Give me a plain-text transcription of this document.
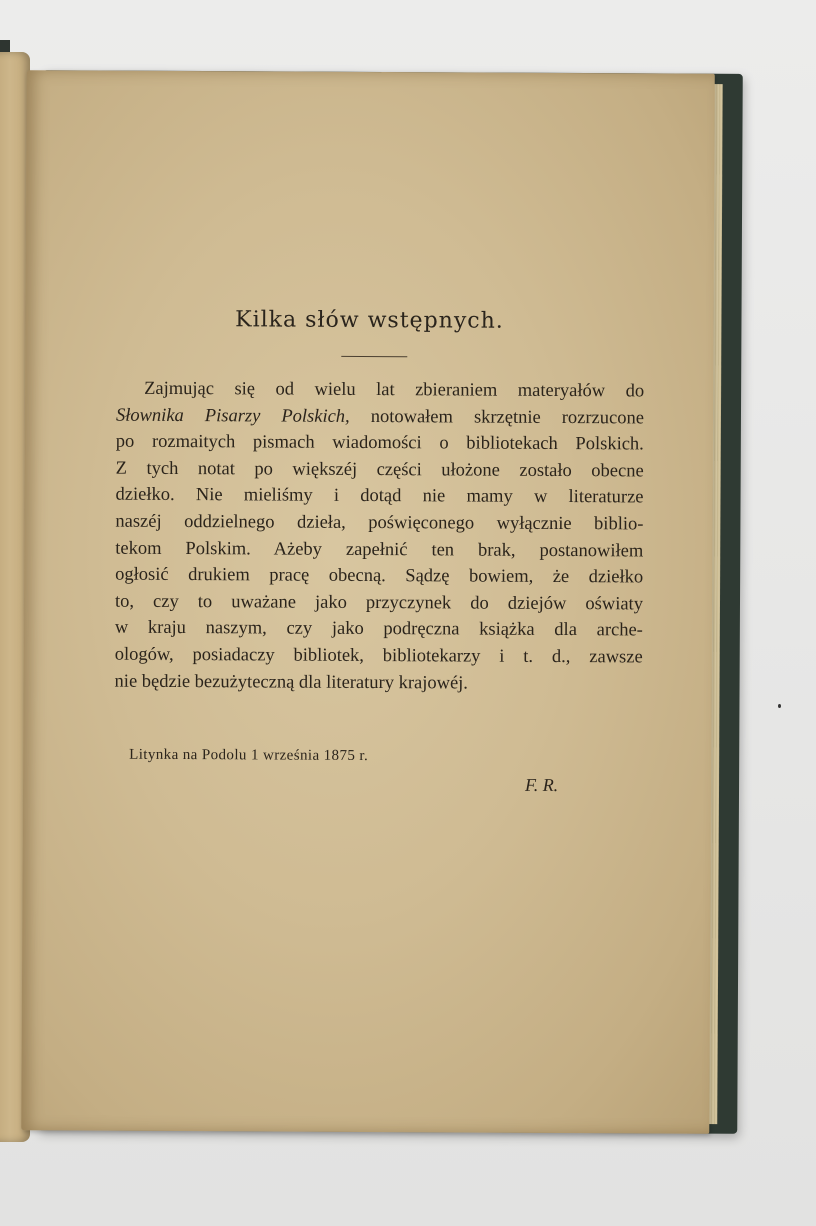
Kilka słów wstępnych.
Zajmując się od wielu lat zbieraniem materyałów do
Słownika Pisarzy Polskich, notowałem skrzętnie rozrzucone
po rozmaitych pismach wiadomości o bibliotekach Polskich.
Z tych notat po większéj części ułożone zostało obecne
dziełko. Nie mieliśmy i dotąd nie mamy w literaturze
naszéj oddzielnego dzieła, poświęconego wyłącznie biblio-
tekom Polskim. Ażeby zapełnić ten brak, postanowiłem
ogłosić drukiem pracę obecną. Sądzę bowiem, że dziełko
to, czy to uważane jako przyczynek do dziejów oświaty
w kraju naszym, czy jako podręczna książka dla arche-
ologów, posiadaczy bibliotek, bibliotekarzy i t. d., zawsze
nie będzie bezużyteczną dla literatury krajowéj.
Litynka na Podolu 1 września 1875 r.
F. R.
